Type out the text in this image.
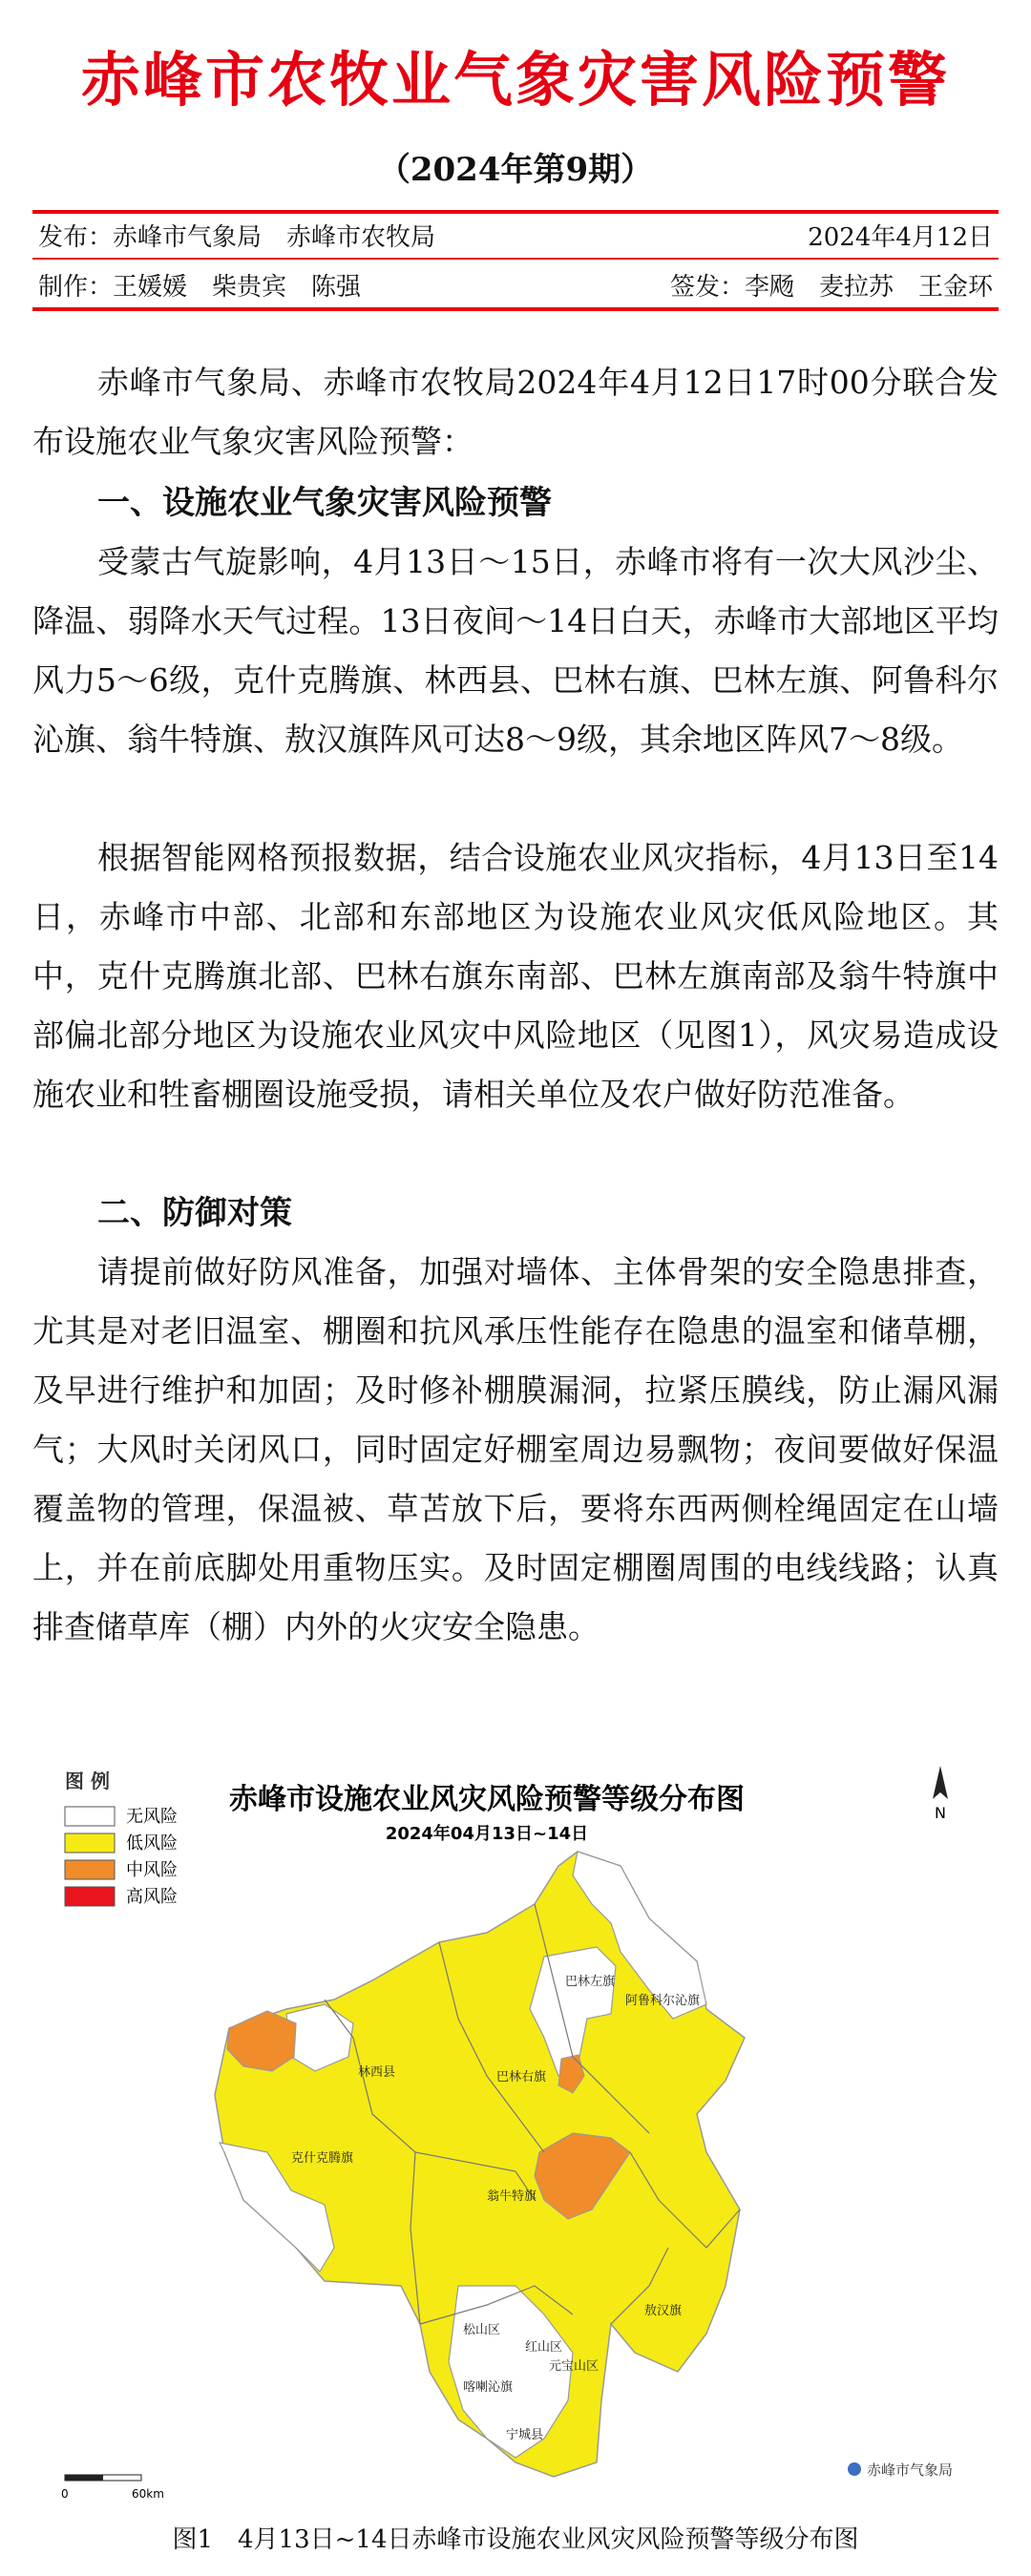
赤峰市农牧业气象灾害风险预警
（2024年第9期）
发布：赤峰市气象局　赤峰市农牧局	2024年4月12日
制作：王媛媛　柴贵宾　陈强	签发：李飏　麦拉苏　王金环
赤峰市气象局、赤峰市农牧局2024年4月12日17时00分联合发布设施农业气象灾害风险预警：
一、设施农业气象灾害风险预警
受蒙古气旋影响，4月13日～15日，赤峰市将有一次大风沙尘、降温、弱降水天气过程。13日夜间～14日白天，赤峰市大部地区平均风力5～6级，克什克腾旗、林西县、巴林右旗、巴林左旗、阿鲁科尔沁旗、翁牛特旗、敖汉旗阵风可达8～9级，其余地区阵风7～8级。
根据智能网格预报数据，结合设施农业风灾指标，4月13日至14日，赤峰市中部、北部和东部地区为设施农业风灾低风险地区。其中，克什克腾旗北部、巴林右旗东南部、巴林左旗南部及翁牛特旗中部偏北部分地区为设施农业风灾中风险地区（见图1），风灾易造成设施农业和牲畜棚圈设施受损，请相关单位及农户做好防范准备。
二、防御对策
请提前做好防风准备，加强对墙体、主体骨架的安全隐患排查，尤其是对老旧温室、棚圈和抗风承压性能存在隐患的温室和储草棚，及早进行维护和加固；及时修补棚膜漏洞，拉紧压膜线，防止漏风漏气；大风时关闭风口，同时固定好棚室周边易飘物；夜间要做好保温覆盖物的管理，保温被、草苫放下后，要将东西两侧栓绳固定在山墙上，并在前底脚处用重物压实。及时固定棚圈周围的电线线路；认真排查储草库（棚）内外的火灾安全隐患。
图 例
无风险
低风险
中风险
高风险
赤峰市设施农业风灾风险预警等级分布图
2024年04月13日~14日
N
巴林左旗
阿鲁科尔沁旗
林西县	巴林右旗
克什克腾旗
翁牛特旗
敖汉旗
松山区
红山区
元宝山区
喀喇沁旗
宁城县
0	60km
赤峰市气象局
图1　4月13日~14日赤峰市设施农业风灾风险预警等级分布图
